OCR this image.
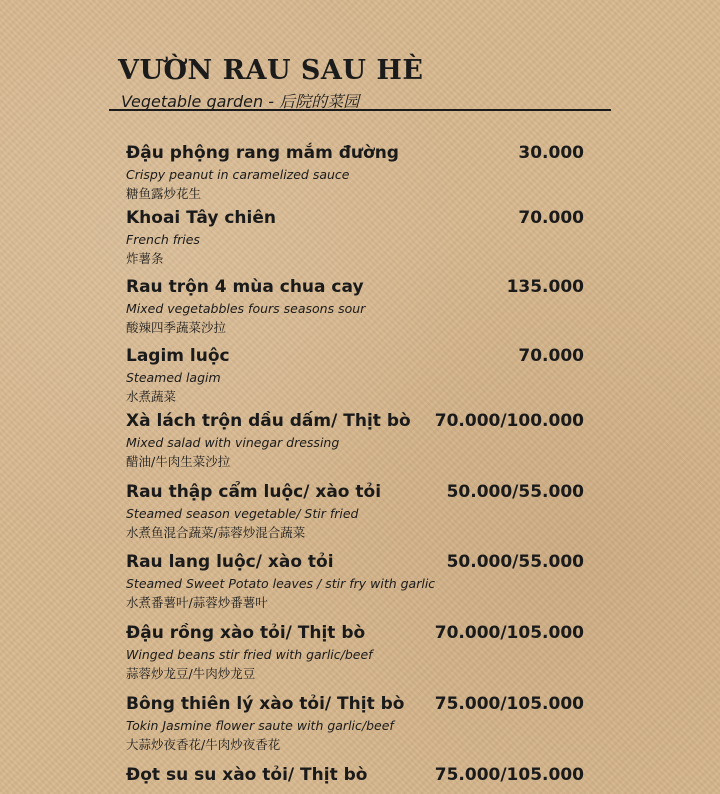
VƯỜN RAU SAU HÈ
Vegetable garden - 后院的菜园
Đậu phộng rang mắm đường	30.000
Crispy peanut in caramelized sauce
糖鱼露炒花生
Khoai Tây chiên	70.000
French fries
炸薯条
Rau trộn 4 mùa chua cay	135.000
Mixed vegetabbles fours seasons sour
酸辣四季蔬菜沙拉
Lagim luộc	70.000
Steamed lagim
水煮蔬菜
Xà lách trộn dầu dấm/ Thịt bò 70.000/100.000
Mixed salad with vinegar dressing
醋油/牛肉生菜沙拉
Rau thập cẩm luộc/ xào tỏi	50.000/55.000
Steamed season vegetable/ Stir fried
水煮鱼混合蔬菜/蒜蓉炒混合蔬菜
Rau lang luộc/ xào tỏi	50.000/55.000
Steamed Sweet Potato leaves / stir fry with garlic
水煮番薯叶/蒜蓉炒番薯叶
Đậu rồng xào tỏi/ Thịt bò	70.000/105.000
Winged beans stir fried with garlic/beef
蒜蓉炒龙豆/牛肉炒龙豆
Bông thiên lý xào tỏi/ Thịt bò 75.000/105.000
Tokin Jasmine flower saute with garlic/beef
大蒜炒夜香花/牛肉炒夜香花
Đọt su su xào tỏi/ Thịt bò	75.000/105.000
